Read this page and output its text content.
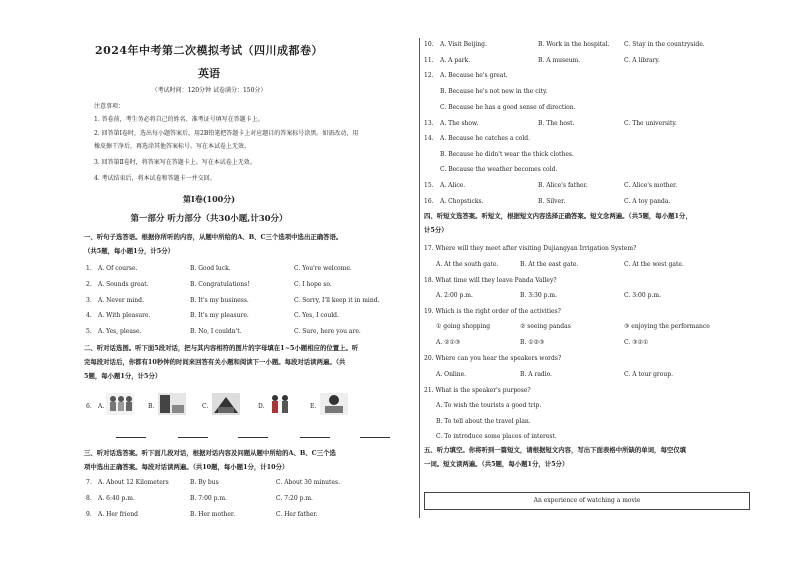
2024年中考第二次模拟考试（四川成都卷）
英语
（考试时间：120分钟 试卷满分：150分）
注意事项：
1. 答卷前，考生务必将自己的姓名、准考证号填写在答题卡上。
2. 回答第Ⅰ卷时，选出每小题答案后，用2B铅笔把答题卡上对应题目的答案标号涂黑。如需改动，用
橡皮擦干净后，再选涂其他答案标号。写在本试卷上无效。
3. 回答第Ⅱ卷时，将答案写在答题卡上。写在本试卷上无效。
4. 考试结束后，将本试卷和答题卡一并交回。
第Ⅰ卷(100分)
第一部分 听力部分（共30小题,计30分）
一、听句子选答语。根据你所听的内容，从题中所给的A、B、C三个选项中选出正确答语。
（共5题，每小题1分，计5分）
1. A. Of course.	B. Good luck.	C. You're welcome.
2. A. Sounds great.	B. Congratulations!	C. I hope so.
3. A. Never mind.	B. It's my business.	C. Sorry, I'll keep it in mind.
4. A. With pleasure.	B. It's my pleasure.	C. Yes, I could.
5. A. Yes, please.	B. No, I couldn't.	C. Sure, here you are.
二、听对话选图。听下面5段对话，把与其内容相符的图片的字母填在1~5小题相应的位置上。听
完每段对话后，你都有10秒钟的时间来回答有关小题和阅读下一小题。每段对话读两遍。（共
5题，每小题1分，计5分）
6. A.	B.	C.	D.	E.
三、听对话选答案。听下面几段对话，根据对话内容及问题从题中所给的A、B、C三个选
项中选出正确答案。每段对话读两遍。（共10题，每小题1分，计10分）
7. A. About 12 Kilometers	B. By bus	C. About 30 minutes.
8. A. 6:40 p.m.	B. 7:00 p.m.	C. 7:20 p.m.
9. A. Her friend	B. Her mother.	C. Her father.
10. A. Visit Beijing.	B. Work in the hospital. C. Stay in the countryside.
11. A. A park.	B. A museum.	C. A library.
12. A. Because he's great.
B. Because he's not new in the city.
C. Because he has a good sense of direction.
13. A. The show.	B. The host.	C. The university.
14. A. Because he catches a cold.
B. Because he didn't wear the thick clothes.
C. Because the weather becomes cold.
15. A. Alice.	B. Alice's father.	C. Alice's mother.
16. A. Chopsticks.	B. Silver.	C. A toy panda.
四、听短文选答案。听短文，根据短文内容选择正确答案。短文念两遍。（共5题，每小题1分，
计5分）
17. Where will they meet after visiting Dujiangyan Irrigation System?
A. At the south gate.	B. At the east gate.	C. At the west gate.
18. What time will they leave Panda Valley?
A. 2:00 p.m.	B. 3:30 p.m.	C. 3:00 p.m.
19. Which is the right order of the activities?
① going shopping	② seeing pandas	③ enjoying the performance
A. ②①③	B. ①②③	C. ③②①
20. Where can you hear the speakers words?
A. Online.	B. A radio.	C. A tour group.
21. What is the speaker's purpose?
A. To wish the tourists a good trip.
B. To tell about the travel plan.
C. To introduce some places of interest.
五、听力填空。你将听到一篇短文，请根据短文内容，写出下面表格中所缺的单词，每空仅填
一词。短文读两遍。（共5题，每小题1分，计5分）
An experience of watching a movie
